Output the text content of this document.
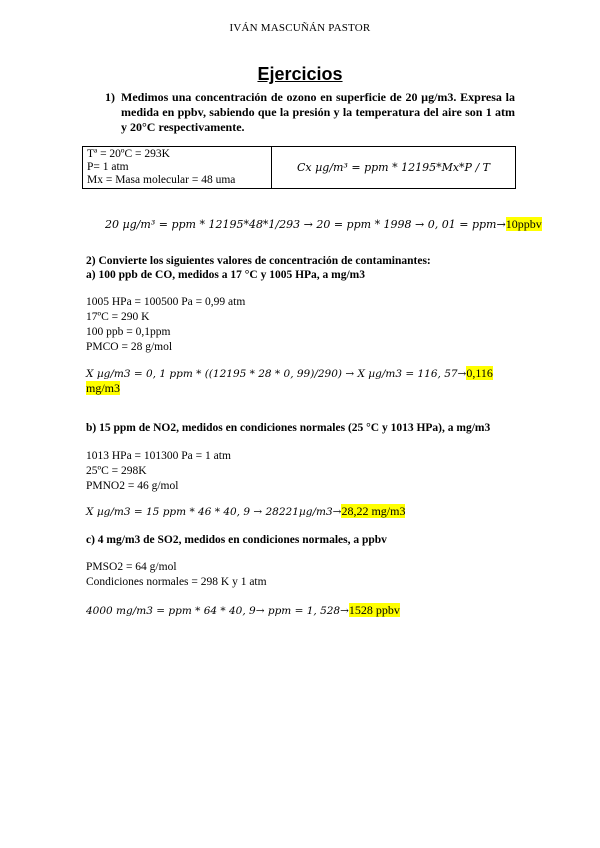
IVÁN MASCUÑÁN PASTOR
Ejercicios
1) Medimos una concentración de ozono en superficie de 20 µg/m3. Expresa la medida en ppbv, sabiendo que la presión y la temperatura del aire son 1 atm y 20°C respectivamente.
Tª = 20ºC = 293K
P= 1 atm
Mx = Masa molecular = 48 uma
	Cx µg/m³ = ppm * 12195*Mx*P / T
20 µg/m³ = ppm * 12195*48*1/293 → 20 = ppm * 1998 → 0, 01 = ppm→10ppbv
2) Convierte los siguientes valores de concentración de contaminantes:
a) 100 ppb de CO, medidos a 17 °C y 1005 HPa, a mg/m3
1005 HPa = 100500 Pa = 0,99 atm
17ºC = 290 K
100 ppb = 0,1ppm
PMCO = 28 g/mol
X µg/m3 = 0, 1 ppm * ((12195 * 28 * 0, 99)/290) → X µg/m3 = 116, 57→0,116 mg/m3
b) 15 ppm de NO2, medidos en condiciones normales (25 °C y 1013 HPa), a mg/m3
1013 HPa = 101300 Pa = 1 atm
25ºC = 298K
PMNO2 = 46 g/mol
X µg/m3 = 15 ppm * 46 * 40, 9 → 28221µg/m3→28,22 mg/m3
c) 4 mg/m3 de SO2, medidos en condiciones normales, a ppbv
PMSO2 = 64 g/mol
Condiciones normales = 298 K y 1 atm
4000 mg/m3 = ppm * 64 * 40, 9→ ppm = 1, 528→1528 ppbv
